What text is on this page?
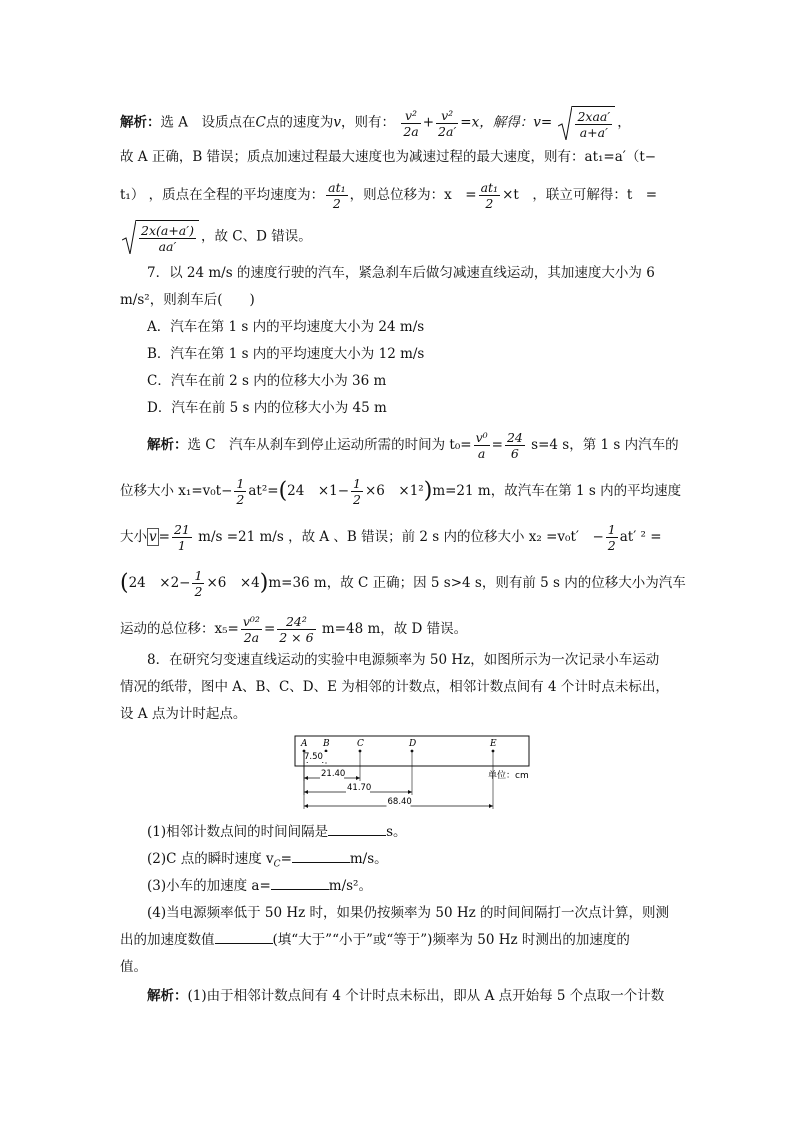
解析：选 A　设质点在C点的速度为v，则有： $\frac{\text{v²}}{2a} + \frac{\text{v²}}{2a'} =x$，解得：$v= \frac{\text{2xaa′}}{a+a'}$ ，
故 A 正确，B 错误；质点加速过程最大速度也为减速过程的最大速度，则有：at₁=a′（t−
t₁） ，质点在全程的平均速度为： $\frac{\text{at₁}}{2}$ ，则总位移为：x　= $\frac{\text{at₁}}{2} \times t$　，联立可解得：t　=
$\frac{2x(a+a')}{aa'}$ ，故 C、D 错误。
7．以 24 m/s 的速度行驶的汽车，紧急刹车后做匀减速直线运动，其加速度大小为 6
m/s²，则刹车后(　　)
A．汽车在第 1 s 内的平均速度大小为 24 m/s
B．汽车在第 1 s 内的平均速度大小为 12 m/s
C．汽车在前 2 s 内的位移大小为 36 m
D．汽车在前 5 s 内的位移大小为 45 m
解析：选 C　汽车从刹车到停止运动所需的时间为 $t_0= \frac{\text{v⁰}}{a} = \frac{24}{6} s=4$ s，第 1 s 内汽车的
位移大小 $x_1=v_0t- \frac{1}{2} at^2=(24$　$\times 1- \frac{1}{2} \times 6$　×1²)m=21 m，故汽车在第 1 s 内的平均速度
大小 $v = \frac{21}{1} m/s =21$ m/s ，故 A 、B 错误；前 2 s 内的位移大小 x₂ =v₀t′　− $\frac{1}{2} at'$ ² =
(24　$\times 2- \frac{1}{2} \times 6$　×4)m=36 m，故 C 正确；因 5 s>4 s，则有前 5 s 内的位移大小为汽车
运动的总位移：$x_5= \frac{\text{v⁰²}}{2a} = \frac{\text{24²}}{2 \times 6} m=48$ m，故 D 错误。
8．在研究匀变速直线运动的实验中电源频率为 50 Hz，如图所示为一次记录小车运动
情况的纸带，图中 A、B、C、D、E 为相邻的计数点，相邻计数点间有 4 个计时点未标出，
设 A 点为计时起点。
A B	C	D	E
单位：cm
7.50
21.40
41.70
68.40
(1)相邻计数点间的时间间隔是	s。
(2)C 点的瞬时速度 $v_C=$	m/s。
(3)小车的加速度 a=	m/s²。
(4)当电源频率低于 50 Hz 时，如果仍按频率为 50 Hz 的时间间隔打一次点计算，则测
出的加速度数值	(填“大于”“小于”或“等于”)频率为 50 Hz 时测出的加速度的
值。
解析：(1)由于相邻计数点间有 4 个计时点未标出，即从 A 点开始每 5 个点取一个计数
